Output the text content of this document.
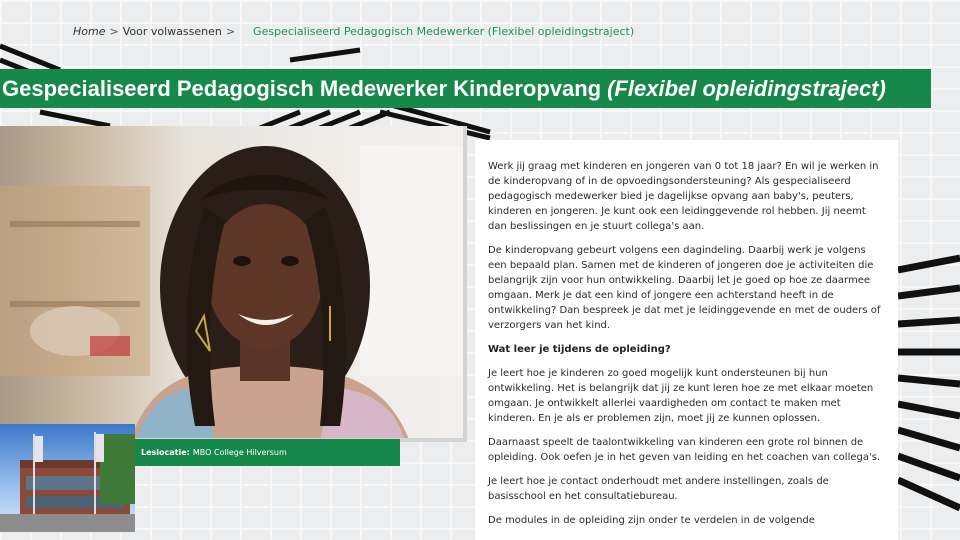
Home > Voor volwassenen > Gespecialiseerd Pedagogisch Medewerker (Flexibel opleidingstraject)
Gespecialiseerd Pedagogisch Medewerker Kinderopvang (Flexibel opleidingstraject)
Leslocatie: MBO College Hilversum

Werk jij graag met kinderen en jongeren van 0 tot 18 jaar? En wil je werken in de kinderopvang of in de opvoedingsondersteuning? Als gespecialiseerd pedagogisch medewerker bied je dagelijkse opvang aan baby's, peuters, kinderen en jongeren. Je kunt ook een leidinggevende rol hebben. Jij neemt dan beslissingen en je stuurt collega's aan.

De kinderopvang gebeurt volgens een dagindeling. Daarbij werk je volgens een bepaald plan. Samen met de kinderen of jongeren doe je activiteiten die belangrijk zijn voor hun ontwikkeling. Daarbij let je goed op hoe ze daarmee omgaan. Merk je dat een kind of jongere een achterstand heeft in de ontwikkeling? Dan bespreek je dat met je leidinggevende en met de ouders of verzorgers van het kind.

Wat leer je tijdens de opleiding?

Je leert hoe je kinderen zo goed mogelijk kunt ondersteunen bij hun ontwikkeling. Het is belangrijk dat jij ze kunt leren hoe ze met elkaar moeten omgaan. Je ontwikkelt allerlei vaardigheden om contact te maken met kinderen. En je als er problemen zijn, moet jij ze kunnen oplossen.

Daarnaast speelt de taalontwikkeling van kinderen een grote rol binnen de opleiding. Ook oefen je in het geven van leiding en het coachen van collega's.

Je leert hoe je contact onderhoudt met andere instellingen, zoals de basisschool en het consultatiebureau.

De modules in de opleiding zijn onder te verdelen in de volgende
